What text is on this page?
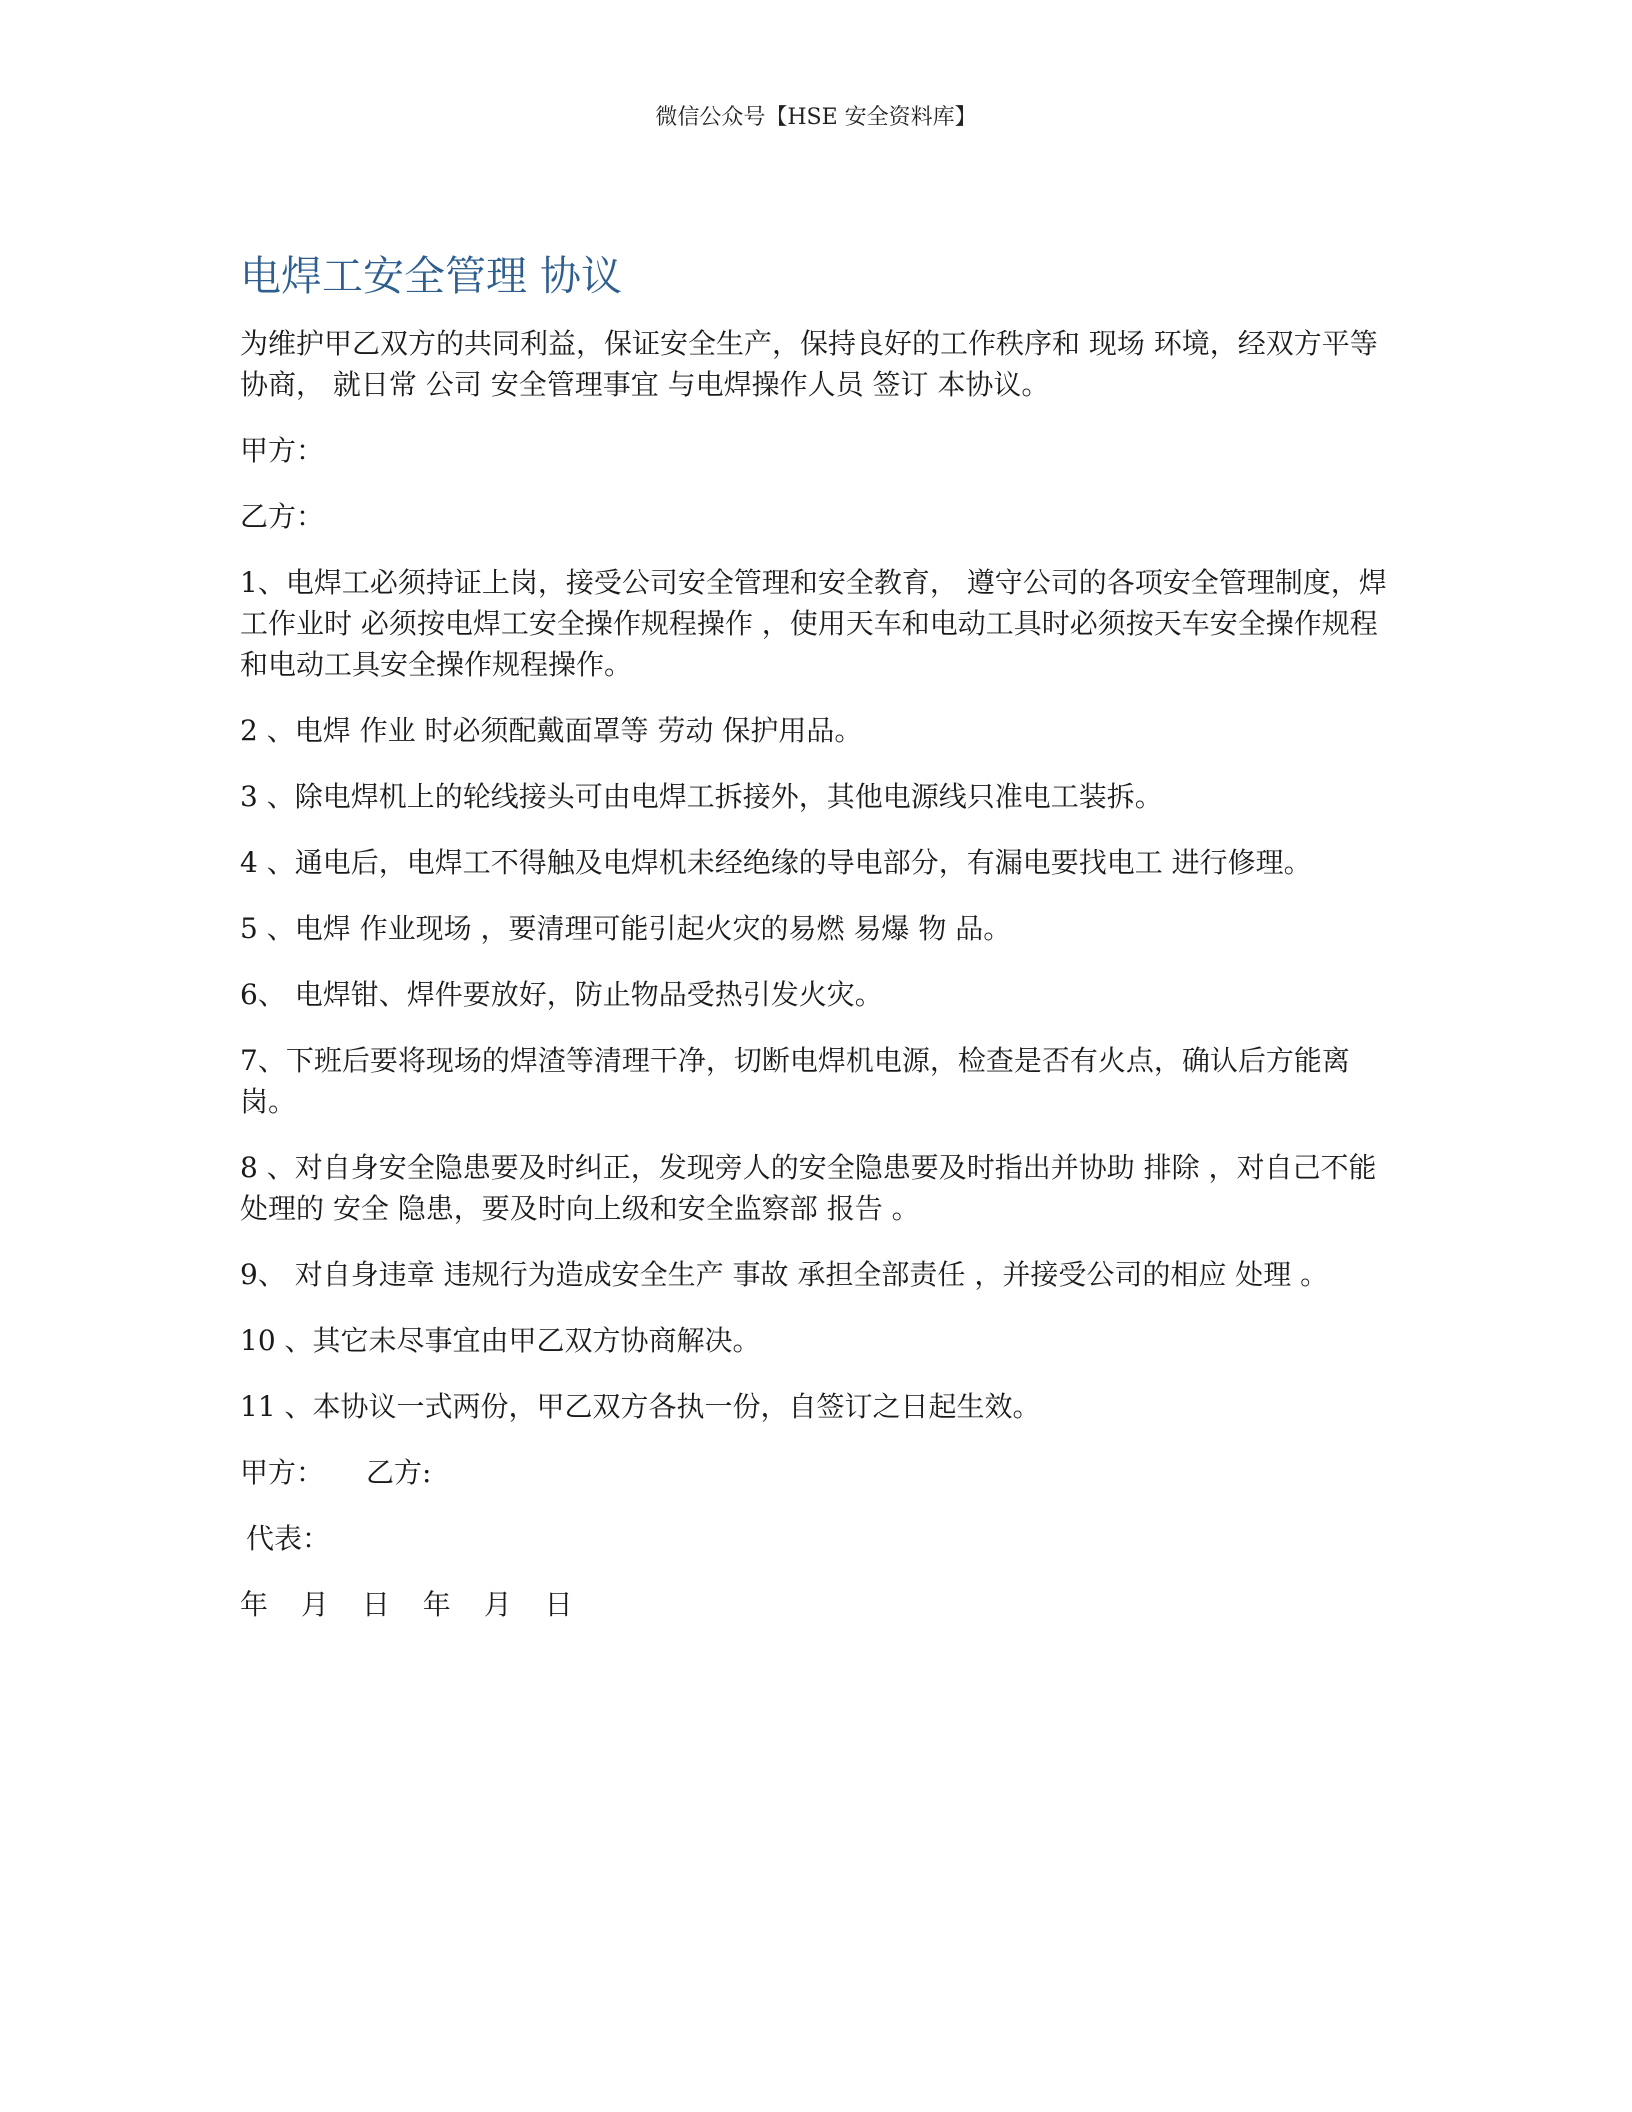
微信公众号【HSE 安全资料库】
电焊工安全管理 协议

为维护甲乙双方的共同利益，保证安全生产，保持良好的工作秩序和 现场 环境，经双方平等协商， 就日常 公司 安全管理事宜 与电焊操作人员 签订 本协议。

甲方：

乙方：

1、电焊工必须持证上岗，接受公司安全管理和安全教育， 遵守公司的各项安全管理制度，焊工作业时 必须按电焊工安全操作规程操作 ，使用天车和电动工具时必须按天车安全操作规程和电动工具安全操作规程操作。

2 、电焊 作业 时必须配戴面罩等 劳动 保护用品。

3 、除电焊机上的轮线接头可由电焊工拆接外，其他电源线只准电工装拆。

4 、通电后，电焊工不得触及电焊机未经绝缘的导电部分，有漏电要找电工 进行修理。

5 、电焊 作业现场 ，要清理可能引起火灾的易燃 易爆 物 品。

6、 电焊钳、焊件要放好，防止物品受热引发火灾。

7、下班后要将现场的焊渣等清理干净，切断电焊机电源，检查是否有火点，确认后方能离岗。

8 、对自身安全隐患要及时纠正，发现旁人的安全隐患要及时指出并协助 排除 ，对自己不能处理的 安全 隐患，要及时向上级和安全监察部 报告 。

9、 对自身违章 违规行为造成安全生产 事故 承担全部责任 ，并接受公司的相应 处理 。

10 、其它未尽事宜由甲乙双方协商解决。

11 、本协议一式两份，甲乙双方各执一份，自签订之日起生效。

甲方： 乙方:

代表：

年 月 日 年 月 日
